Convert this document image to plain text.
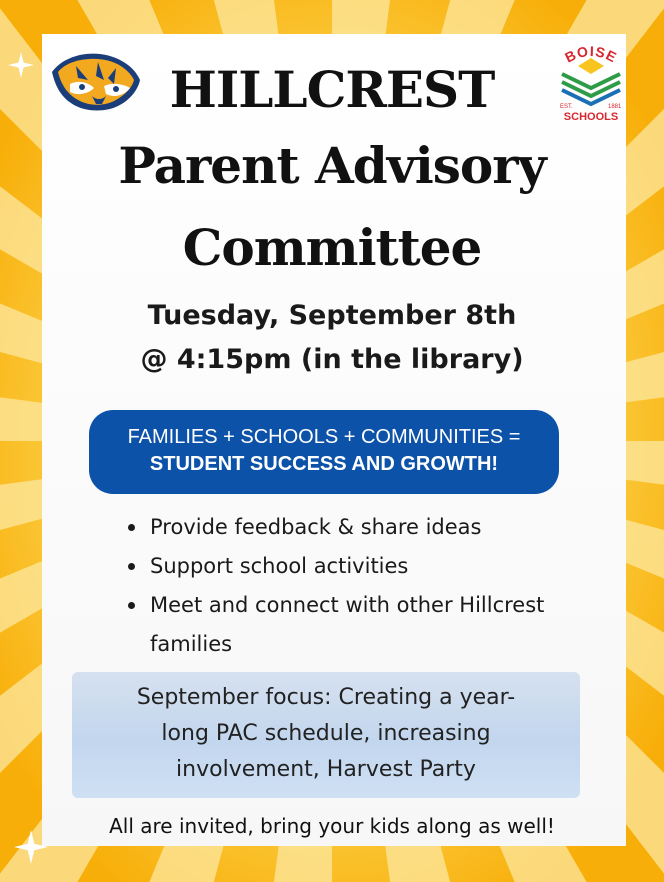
BOISE
EST.	1881
SCHOOLS
HILLCREST
Parent Advisory
Committee
Tuesday, September 8th
@ 4:15pm (in the library)
FAMILIES + SCHOOLS + COMMUNITIES =
STUDENT SUCCESS AND GROWTH!
Provide feedback & share ideas
Support school activities
Meet and connect with other Hillcrest families
September focus: Creating a year-
long PAC schedule, increasing
involvement, Harvest Party
All are invited, bring your kids along as well!
